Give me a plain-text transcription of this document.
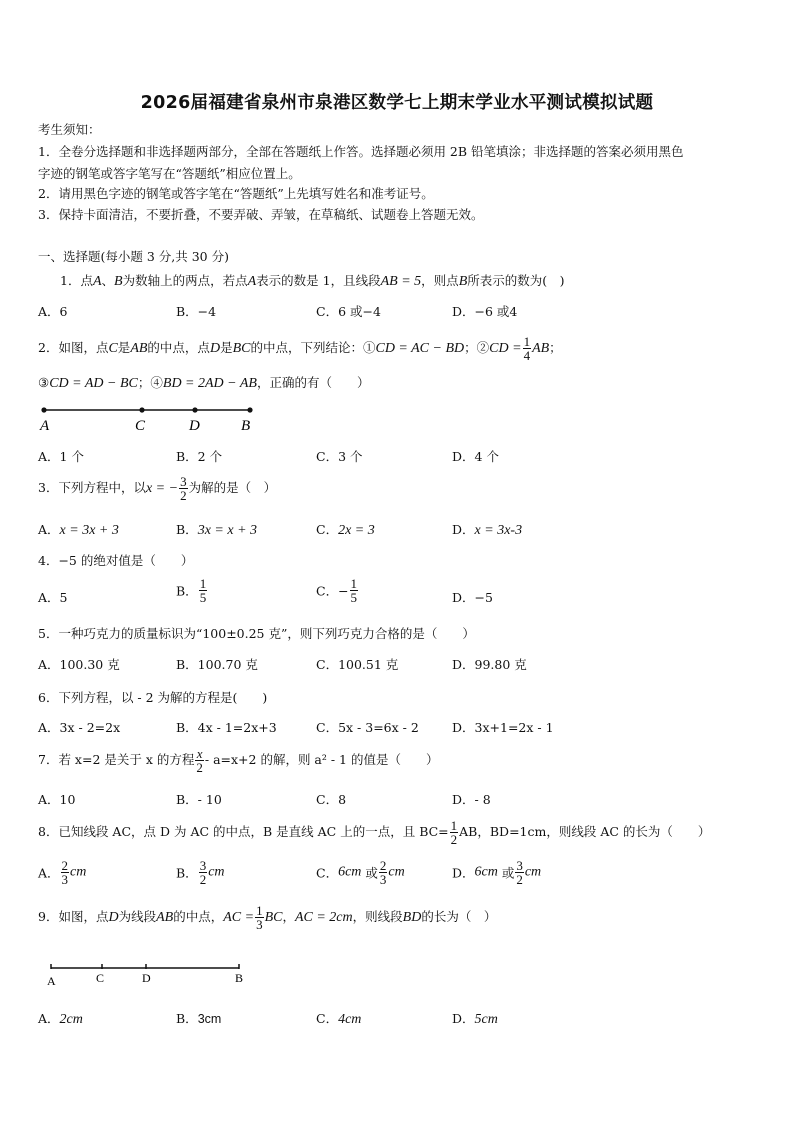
2026届福建省泉州市泉港区数学七上期末学业水平测试模拟试题
考生须知：
1．全卷分选择题和非选择题两部分，全部在答题纸上作答。选择题必须用 2B 铅笔填涂；非选择题的答案必须用黑色
字迹的钢笔或答字笔写在“答题纸”相应位置上。
2．请用黑色字迹的钢笔或答字笔在“答题纸”上先填写姓名和准考证号。
3．保持卡面清洁，不要折叠，不要弄破、弄皱，在草稿纸、试题卷上答题无效。
一、选择题(每小题 3 分,共 30 分)
1．点A、B为数轴上的两点，若点A表示的数是 1，且线段AB = 5，则点B所表示的数为(　)
A．6	B．−4	C．6 或−4	D．−6 或4
2．如图，点C是AB的中点，点D是BC的中点，下列结论：①CD = AC − BD；②CD = $\frac{1}{4}$ AB；
③CD = AD − BC；④BD = 2AD − AB，正确的有（　　）
A	C	D	B
A．1 个	B．2 个	C．3 个	D．4 个
3．下列方程中，以x = − $\frac{3}{2}$ 为解的是（　）
A．x = 3x + 3	B．3x = x + 3	C．2x = 3	D．x = 3x-3
4．−5 的绝对值是（　　）
A．5	B． $\frac{1}{5}$	C．− $\frac{1}{5}$	D．−5
5．一种巧克力的质量标识为“100±0.25 克”，则下列巧克力合格的是（　　）
A．100.30 克	B．100.70 克	C．100.51 克	D．99.80 克
6．下列方程，以 - 2 为解的方程是(　　)
A．3x - 2=2x	B．4x - 1=2x+3	C．5x - 3=6x - 2	D．3x+1=2x - 1
7．若 x=2 是关于 x 的方程 $\frac{x}{2} - a=x+2$ 的解，则 a² - 1 的值是（　　）
A．10	B．- 10	C．8	D．- 8
8．已知线段 AC，点 D 为 AC 的中点，B 是直线 AC 上的一点，且 $BC= \frac{1}{2}$ AB，BD=1cm，则线段 AC 的长为（　　）
A． $\frac{2}{3}$ cm	B． $\frac{3}{2}$ cm	C．6cm 或 $\frac{2}{3}$ cm	D．6cm 或 $\frac{3}{2}$ cm
9．如图，点D为线段AB的中点，AC = $\frac{1}{3}$ BC，AC = 2cm，则线段BD的长为（　）
A	C	D	B
A．2cm	B．3cm	C．4cm	D．5cm
